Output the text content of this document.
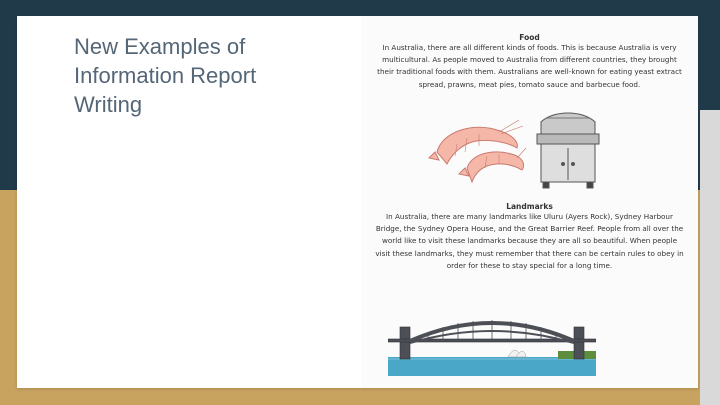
New Examples of Information Report Writing
Food

In Australia, there are all different kinds of foods. This is because Australia is very multicultural. As people moved to Australia from different countries, they brought their traditional foods with them. Australians are well-known for eating yeast extract spread, prawns, meat pies, tomato sauce and barbecue food.

Landmarks

In Australia, there are many landmarks like Uluru (Ayers Rock), Sydney Harbour Bridge, the Sydney Opera House, and the Great Barrier Reef. People from all over the world like to visit these landmarks because they are all so beautiful. When people visit these landmarks, they must remember that there can be certain rules to obey in order for these to stay special for a long time.
